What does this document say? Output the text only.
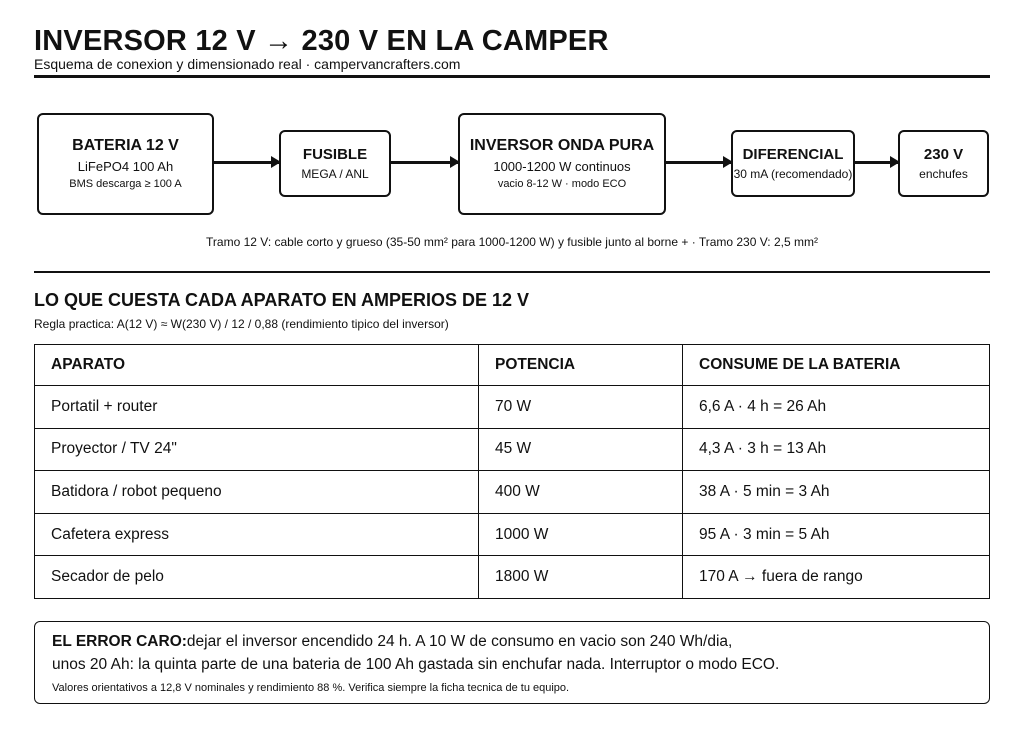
INVERSOR 12 V → 230 V EN LA CAMPER
Esquema de conexion y dimensionado real · campervancrafters.com
BATERIA 12 V
LiFePO4 100 Ah
BMS descarga ≥ 100 A
FUSIBLE
MEGA / ANL
INVERSOR ONDA PURA
1000-1200 W continuos
vacio 8-12 W · modo ECO
DIFERENCIAL
30 mA (recomendado)
230 V
enchufes
Tramo 12 V: cable corto y grueso (35-50 mm² para 1000-1200 W) y fusible junto al borne + · Tramo 230 V: 2,5 mm²
LO QUE CUESTA CADA APARATO EN AMPERIOS DE 12 V
Regla practica: A(12 V) ≈ W(230 V) / 12 / 0,88 (rendimiento tipico del inversor)
APARATO	POTENCIA	CONSUME DE LA BATERIA
Portatil + router	70 W	6,6 A · 4 h = 26 Ah
Proyector / TV 24"	45 W	4,3 A · 3 h = 13 Ah
Batidora / robot pequeno	400 W	38 A · 5 min = 3 Ah
Cafetera express	1000 W	95 A · 3 min = 5 Ah
Secador de pelo	1800 W	170 A → fuera de rango
EL ERROR CARO:dejar el inversor encendido 24 h. A 10 W de consumo en vacio son 240 Wh/dia,
unos 20 Ah: la quinta parte de una bateria de 100 Ah gastada sin enchufar nada. Interruptor o modo ECO.
Valores orientativos a 12,8 V nominales y rendimiento 88 %. Verifica siempre la ficha tecnica de tu equipo.
